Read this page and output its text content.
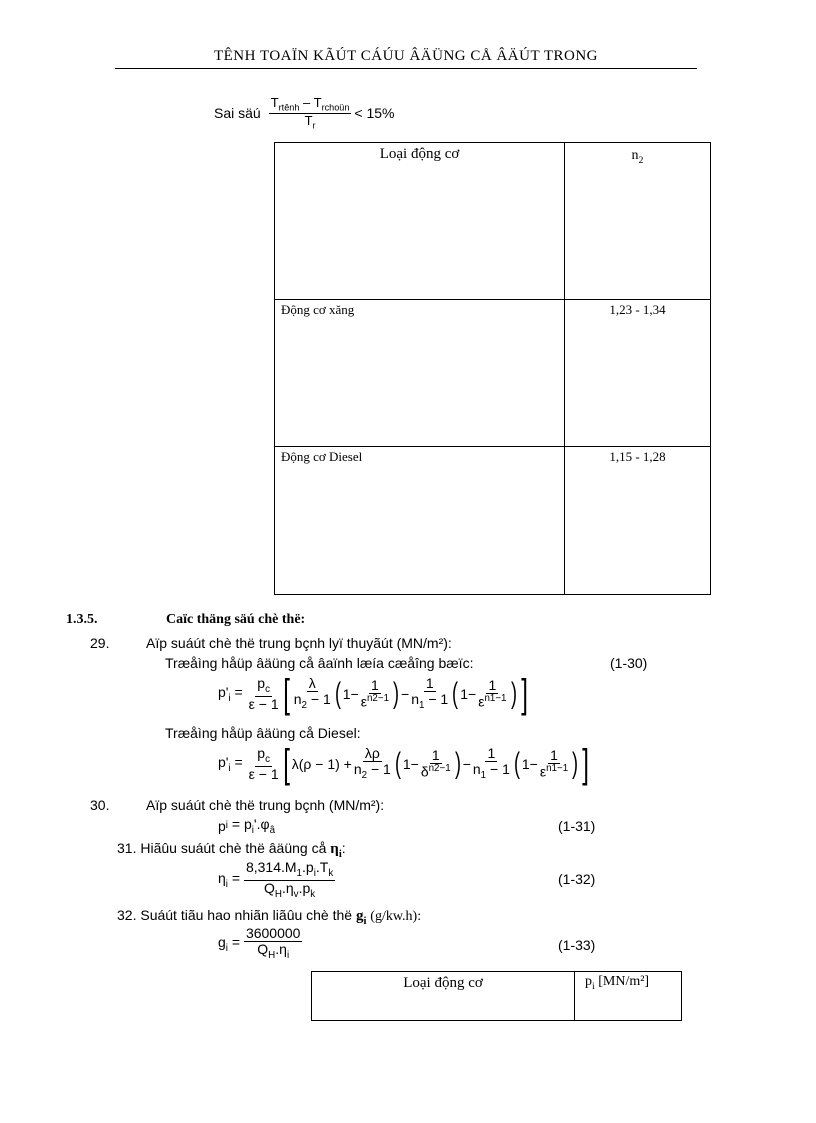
TÊNH TOAÏN KÃÚT CÁÚU ÂÄÜNG CÅ ÂÄÚT TRONG
Sai säú $\frac{T_{rtênh} - T_{rchoün}}{T_r} < 15\%$
Loại động cơ	$n_2$
Động cơ xăng	1,23 - 1,34
Động cơ Diesel	1,15 - 1,28
1.3.5.	Caïc thäng säú chè thë:
29.	Aïp suáút chè thë trung bçnh lyï thuyãút (MN/m²):
Træåìng håüp âäüng cå âaïnh læía cæåîng bæïc:	(1-30)
$p'_i = \frac{p_c}{\varepsilon - 1}$ [ $\frac{\lambda}{n_2 - 1}$ ( $1- \frac{1}{\varepsilon^{n2-1}}$ ) − $\frac{1}{n_1 - 1}$ ( $1- \frac{1}{\varepsilon^{n1-1}}$ ) ]
Træåìng håüp âäüng cå Diesel:
$p'_i = \frac{p_c}{\varepsilon - 1}$ [ $\lambda(\rho - 1) + \frac{\lambda\rho}{n_2 - 1}$ ( $1- \frac{1}{\delta^{n2-1}}$ ) − $\frac{1}{n_1 - 1}$ ( $1- \frac{1}{\varepsilon^{n1-1}}$ ) ]
30.	Aïp suáút chè thë trung bçnh (MN/m²):
p $i = p_i'.\varphi_â$	(1-31)
31. Hiãûu suáút chè thë âäüng cå $\eta_i$:
$\eta_i = \frac{8,314.M_1.p_i.T_k}{Q_H.\eta_v.p_k}$	(1-32)
32. Suáút tiãu hao nhiãn liãûu chè thë $g_i$ (g/kw.h):
$g_i = \frac{3600000}{Q_H.\eta_i}$	(1-33)
Loại động cơ	$p_i$ [MN/m²]
